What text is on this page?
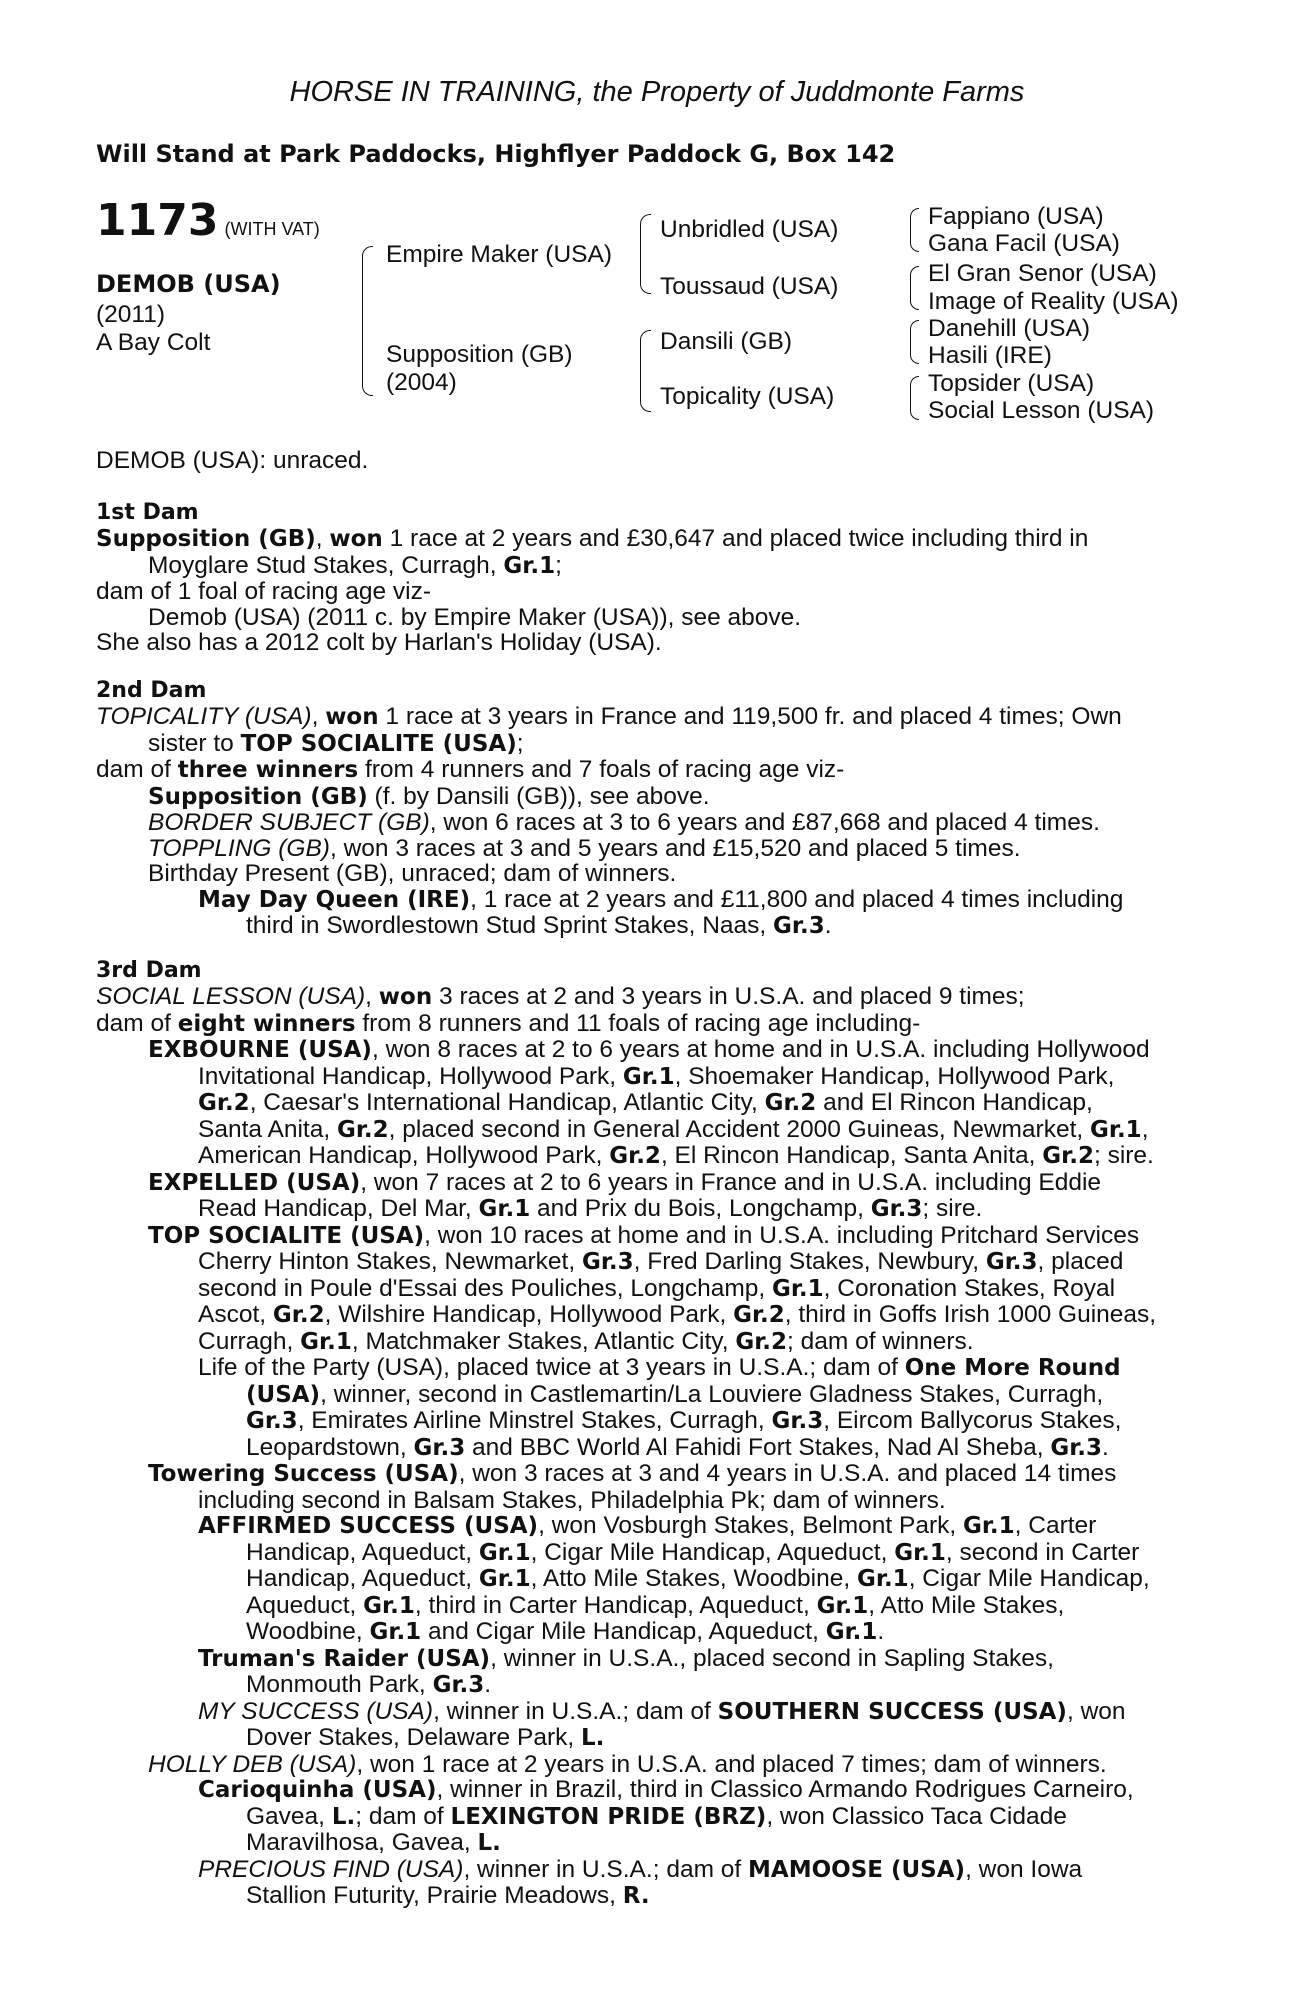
HORSE IN TRAINING, the Property of Juddmonte Farms
Will Stand at Park Paddocks, Highflyer Paddock G, Box 142
1173 (WITH VAT)
DEMOB (USA)
(2011)
A Bay Colt
Empire Maker (USA)
Supposition (GB)
(2004)
Unbridled (USA)
Toussaud (USA)
Dansili (GB)
Topicality (USA)
Fappiano (USA)
Gana Facil (USA)
El Gran Senor (USA)
Image of Reality (USA)
Danehill (USA)
Hasili (IRE)
Topsider (USA)
Social Lesson (USA)
DEMOB (USA): unraced.

1st Dam

Supposition (GB), won 1 race at 2 years and £30,647 and placed twice including third in

Moyglare Stud Stakes, Curragh, Gr.1;

dam of 1 foal of racing age viz-

Demob (USA) (2011 c. by Empire Maker (USA)), see above.

She also has a 2012 colt by Harlan's Holiday (USA).

2nd Dam

TOPICALITY (USA), won 1 race at 3 years in France and 119,500 fr. and placed 4 times; Own

sister to TOP SOCIALITE (USA);

dam of three winners from 4 runners and 7 foals of racing age viz-

Supposition (GB) (f. by Dansili (GB)), see above.

BORDER SUBJECT (GB), won 6 races at 3 to 6 years and £87,668 and placed 4 times.

TOPPLING (GB), won 3 races at 3 and 5 years and £15,520 and placed 5 times.

Birthday Present (GB), unraced; dam of winners.

May Day Queen (IRE), 1 race at 2 years and £11,800 and placed 4 times including

third in Swordlestown Stud Sprint Stakes, Naas, Gr.3.

3rd Dam

SOCIAL LESSON (USA), won 3 races at 2 and 3 years in U.S.A. and placed 9 times;

dam of eight winners from 8 runners and 11 foals of racing age including-

EXBOURNE (USA), won 8 races at 2 to 6 years at home and in U.S.A. including Hollywood

Invitational Handicap, Hollywood Park, Gr.1, Shoemaker Handicap, Hollywood Park,

Gr.2, Caesar's International Handicap, Atlantic City, Gr.2 and El Rincon Handicap,

Santa Anita, Gr.2, placed second in General Accident 2000 Guineas, Newmarket, Gr.1,

American Handicap, Hollywood Park, Gr.2, El Rincon Handicap, Santa Anita, Gr.2; sire.

EXPELLED (USA), won 7 races at 2 to 6 years in France and in U.S.A. including Eddie

Read Handicap, Del Mar, Gr.1 and Prix du Bois, Longchamp, Gr.3; sire.

TOP SOCIALITE (USA), won 10 races at home and in U.S.A. including Pritchard Services

Cherry Hinton Stakes, Newmarket, Gr.3, Fred Darling Stakes, Newbury, Gr.3, placed

second in Poule d'Essai des Pouliches, Longchamp, Gr.1, Coronation Stakes, Royal

Ascot, Gr.2, Wilshire Handicap, Hollywood Park, Gr.2, third in Goffs Irish 1000 Guineas,

Curragh, Gr.1, Matchmaker Stakes, Atlantic City, Gr.2; dam of winners.

Life of the Party (USA), placed twice at 3 years in U.S.A.; dam of One More Round

(USA), winner, second in Castlemartin/La Louviere Gladness Stakes, Curragh,

Gr.3, Emirates Airline Minstrel Stakes, Curragh, Gr.3, Eircom Ballycorus Stakes,

Leopardstown, Gr.3 and BBC World Al Fahidi Fort Stakes, Nad Al Sheba, Gr.3.

Towering Success (USA), won 3 races at 3 and 4 years in U.S.A. and placed 14 times

including second in Balsam Stakes, Philadelphia Pk; dam of winners.

AFFIRMED SUCCESS (USA), won Vosburgh Stakes, Belmont Park, Gr.1, Carter

Handicap, Aqueduct, Gr.1, Cigar Mile Handicap, Aqueduct, Gr.1, second in Carter

Handicap, Aqueduct, Gr.1, Atto Mile Stakes, Woodbine, Gr.1, Cigar Mile Handicap,

Aqueduct, Gr.1, third in Carter Handicap, Aqueduct, Gr.1, Atto Mile Stakes,

Woodbine, Gr.1 and Cigar Mile Handicap, Aqueduct, Gr.1.

Truman's Raider (USA), winner in U.S.A., placed second in Sapling Stakes,

Monmouth Park, Gr.3.

MY SUCCESS (USA), winner in U.S.A.; dam of SOUTHERN SUCCESS (USA), won

Dover Stakes, Delaware Park, L.

HOLLY DEB (USA), won 1 race at 2 years in U.S.A. and placed 7 times; dam of winners.

Carioquinha (USA), winner in Brazil, third in Classico Armando Rodrigues Carneiro,

Gavea, L.; dam of LEXINGTON PRIDE (BRZ), won Classico Taca Cidade

Maravilhosa, Gavea, L.

PRECIOUS FIND (USA), winner in U.S.A.; dam of MAMOOSE (USA), won Iowa

Stallion Futurity, Prairie Meadows, R.
